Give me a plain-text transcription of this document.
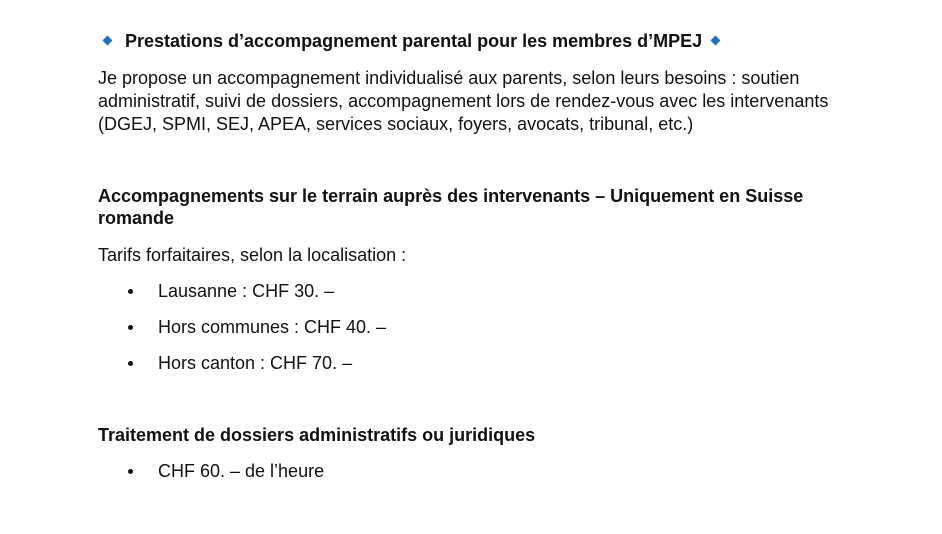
Prestations d’accompagnement parental pour les membres d’MPEJ
Je propose un accompagnement individualisé aux parents, selon leurs besoins : soutien administratif, suivi de dossiers, accompagnement lors de rendez-vous avec les intervenants (DGEJ, SPMI, SEJ, APEA, services sociaux, foyers, avocats, tribunal, etc.)
Accompagnements sur le terrain auprès des intervenants – Uniquement en Suisse romande
Tarifs forfaitaires, selon la localisation :
Lausanne : CHF 30. –
Hors communes : CHF 40. –
Hors canton : CHF 70. –
Traitement de dossiers administratifs ou juridiques
CHF 60. – de l’heure
